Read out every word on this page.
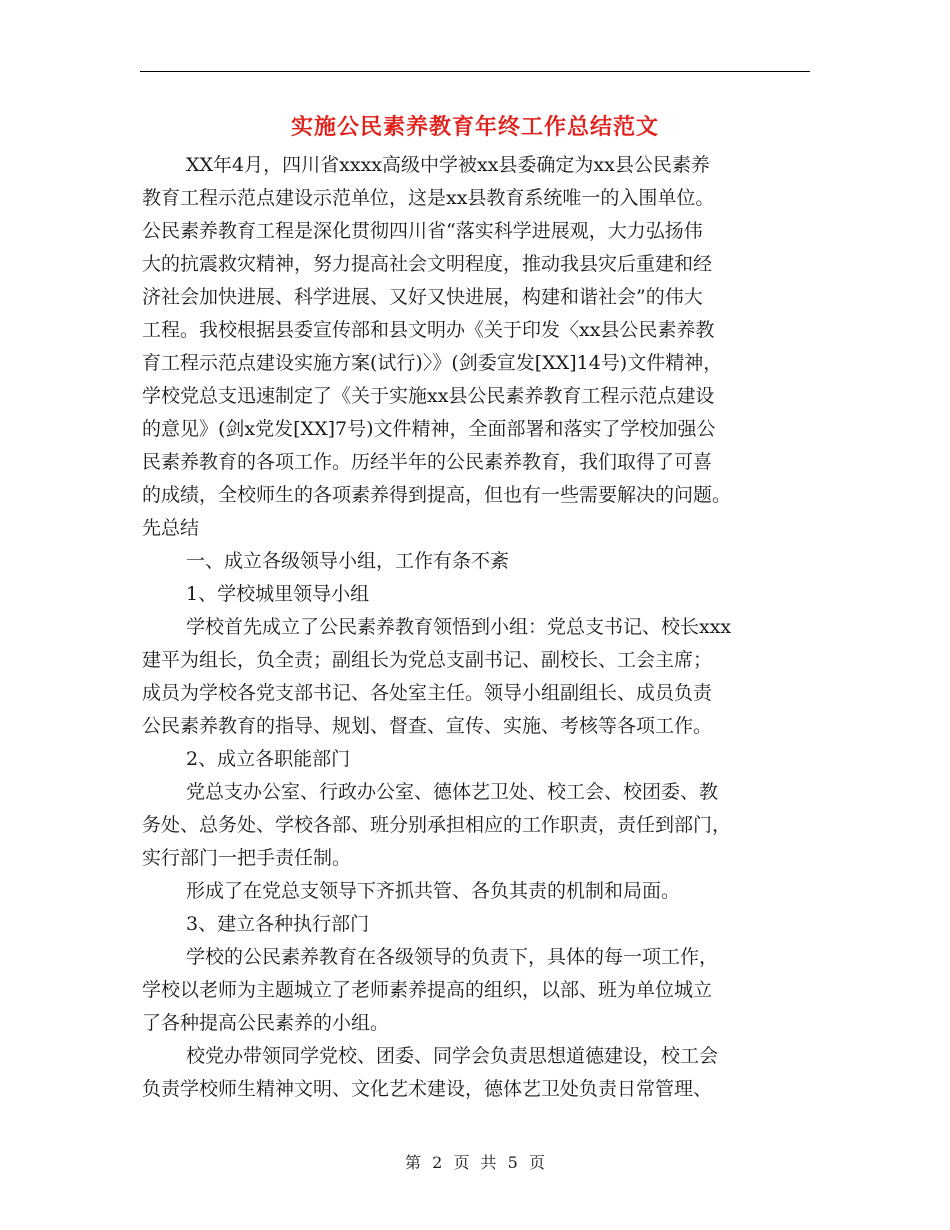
实施公民素养教育年终工作总结范文
XX年4月，四川省xxxx高级中学被xx县委确定为xx县公民素养
教育工程示范点建设示范单位，这是xx县教育系统唯一的入围单位。
公民素养教育工程是深化贯彻四川省“落实科学进展观，大力弘扬伟
大的抗震救灾精神，努力提高社会文明程度，推动我县灾后重建和经
济社会加快进展、科学进展、又好又快进展，构建和谐社会”的伟大
工程。我校根据县委宣传部和县文明办《关于印发〈xx县公民素养教
育工程示范点建设实施方案(试行)〉》(剑委宣发[XX]14号)文件精神，
学校党总支迅速制定了《关于实施xx县公民素养教育工程示范点建设
的意见》(剑x党发[XX]7号)文件精神，全面部署和落实了学校加强公
民素养教育的各项工作。历经半年的公民素养教育，我们取得了可喜
的成绩，全校师生的各项素养得到提高，但也有一些需要解决的问题。
先总结
一、成立各级领导小组，工作有条不紊
1、学校城里领导小组
学校首先成立了公民素养教育领悟到小组：党总支书记、校长xxx
建平为组长，负全责；副组长为党总支副书记、副校长、工会主席；
成员为学校各党支部书记、各处室主任。领导小组副组长、成员负责
公民素养教育的指导、规划、督查、宣传、实施、考核等各项工作。
2、成立各职能部门
党总支办公室、行政办公室、德体艺卫处、校工会、校团委、教
务处、总务处、学校各部、班分别承担相应的工作职责，责任到部门，
实行部门一把手责任制。
形成了在党总支领导下齐抓共管、各负其责的机制和局面。
3、建立各种执行部门
学校的公民素养教育在各级领导的负责下，具体的每一项工作，
学校以老师为主题城立了老师素养提高的组织，以部、班为单位城立
了各种提高公民素养的小组。
校党办带领同学党校、团委、同学会负责思想道德建设，校工会
负责学校师生精神文明、文化艺术建设，德体艺卫处负责日常管理、
第 2 页 共 5 页
